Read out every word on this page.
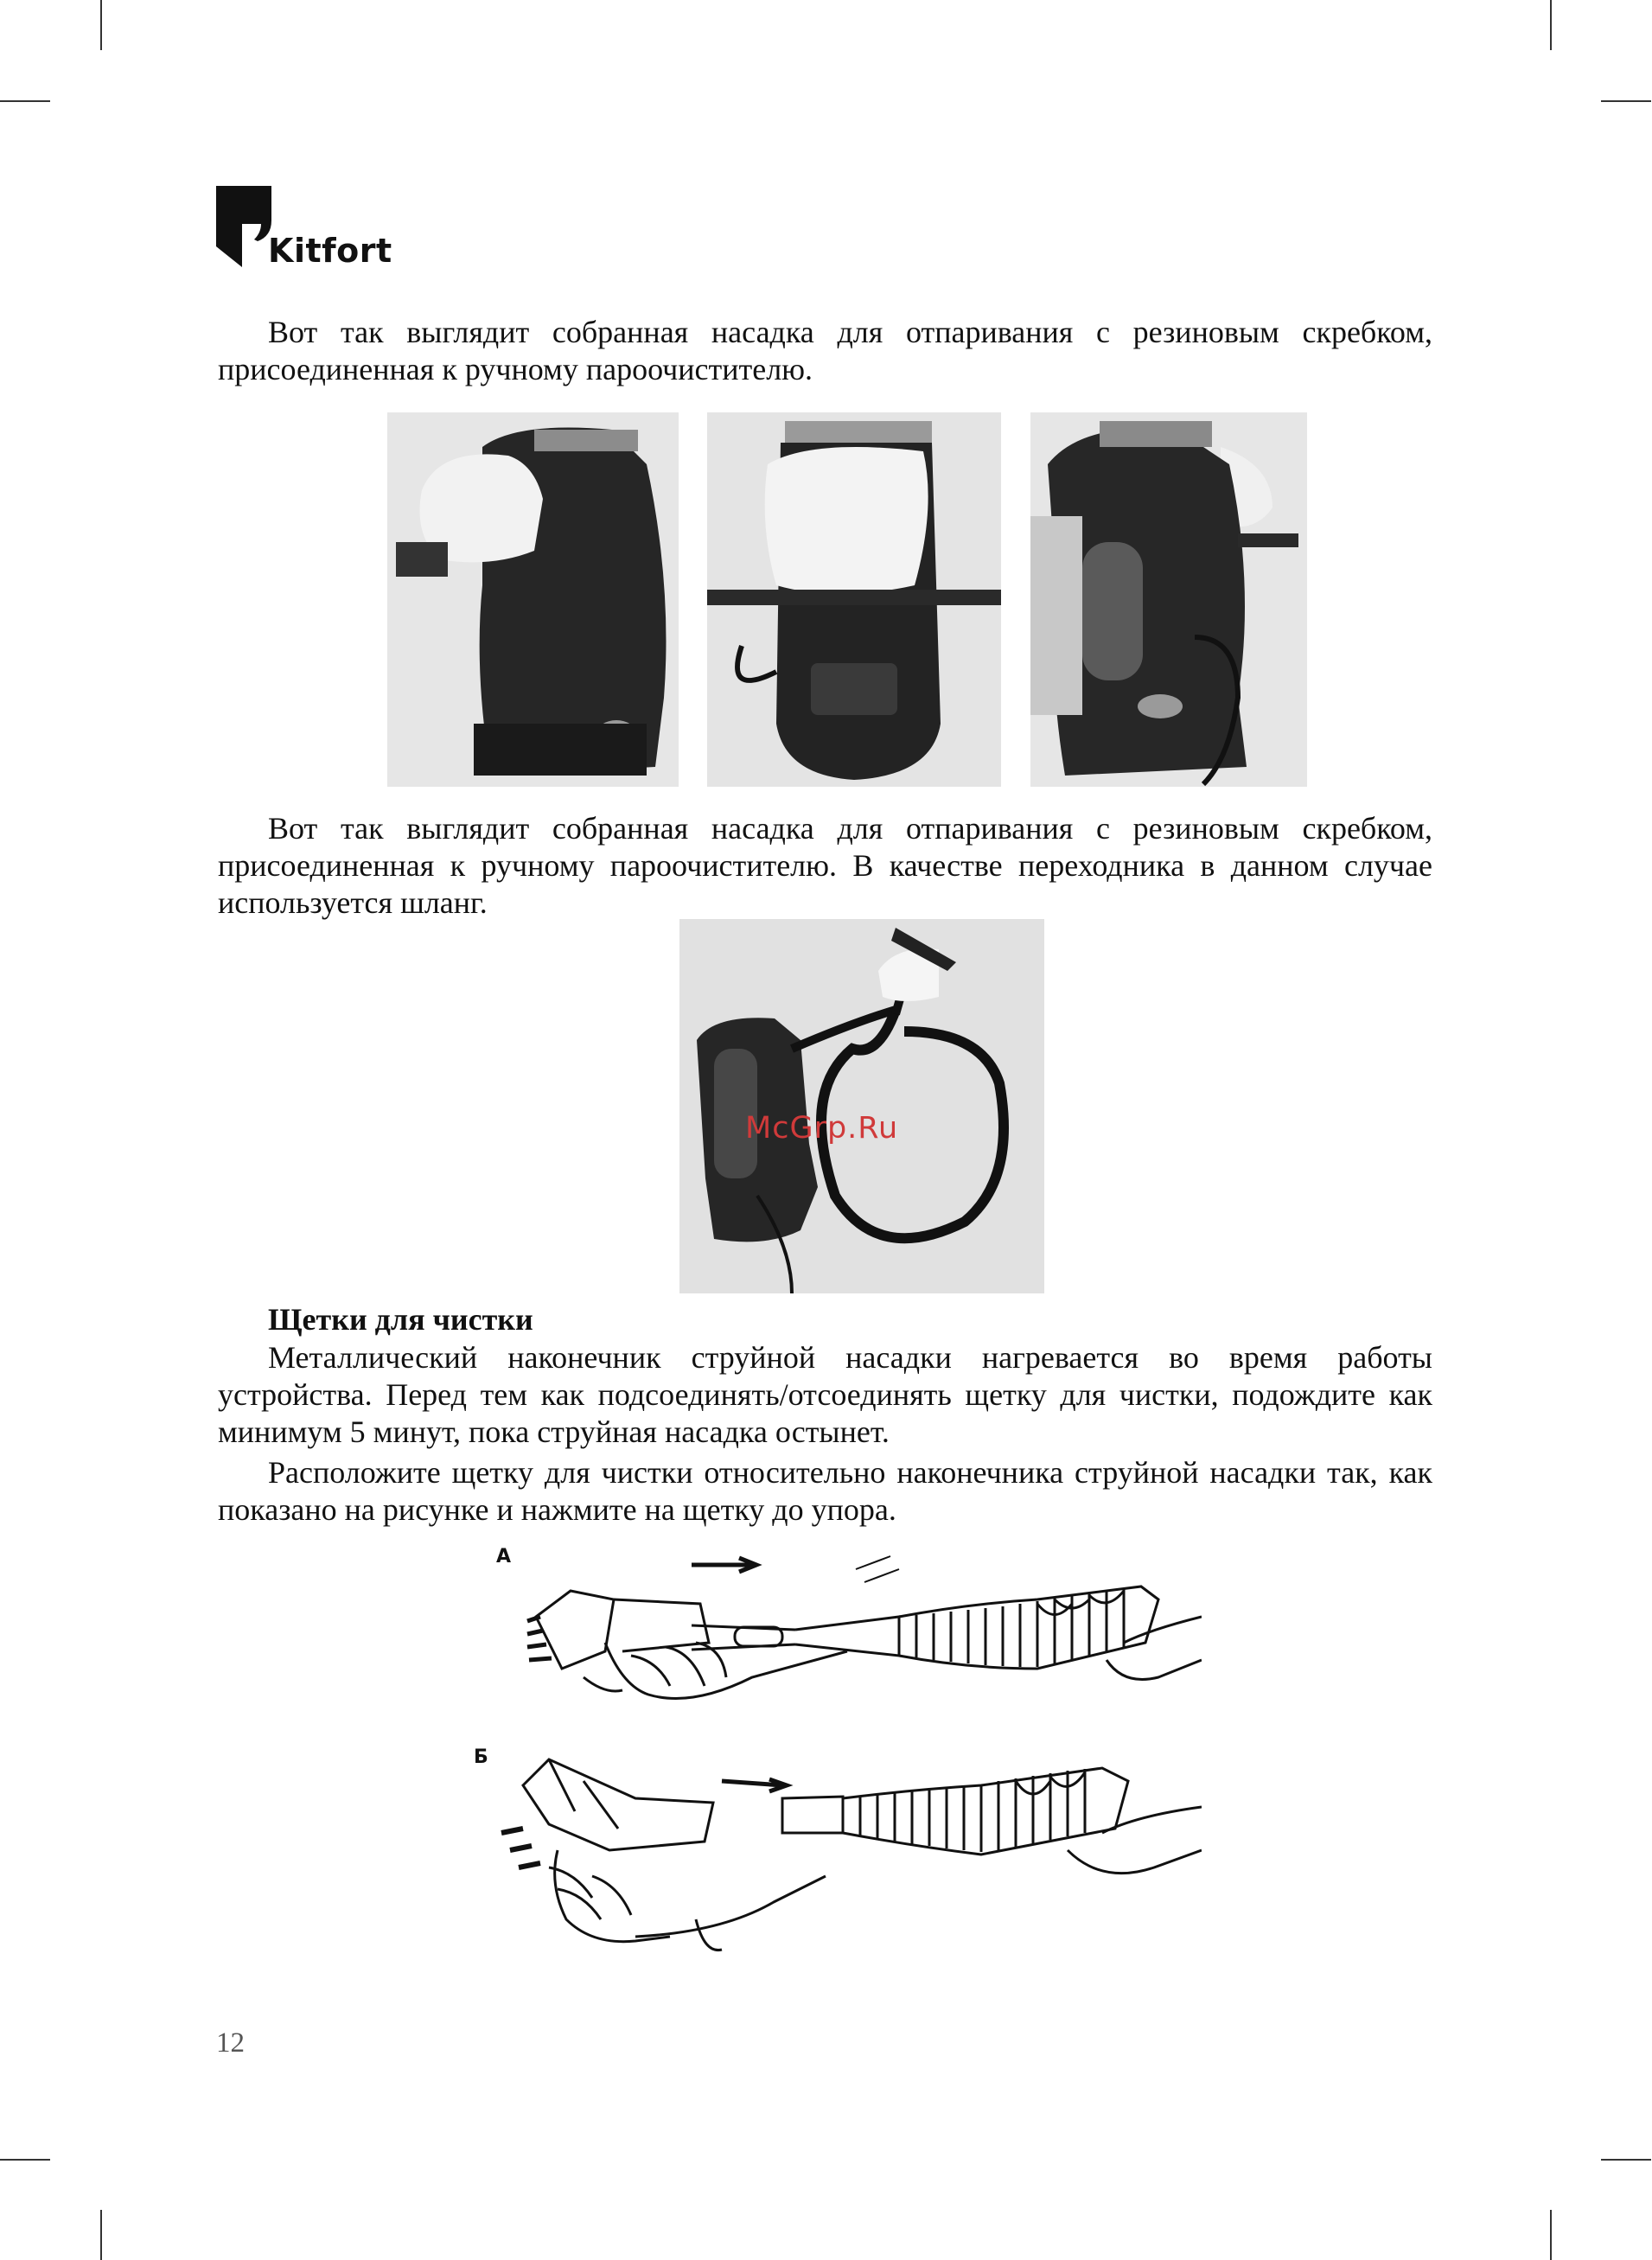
Kitfort

Вот так выглядит собранная насадка для отпаривания с резиновым скребком, присоединенная к ручному пароочистителю.

Вот так выглядит собранная насадка для отпаривания с резиновым скребком, присоединенная к ручному пароочистителю. В качестве переходника в данном случае используется шланг.

McGrp.Ru
Щетки для чистки

Металлический наконечник струйной насадки нагревается во время работы устройства. Перед тем как подсоединять/отсоединять щетку для чистки, подождите как минимум 5 минут, пока струйная насадка остынет.

Расположите щетку для чистки относительно наконечника струйной насадки так, как показано на рисунке и нажмите на щетку до упора.

А
Б
12
